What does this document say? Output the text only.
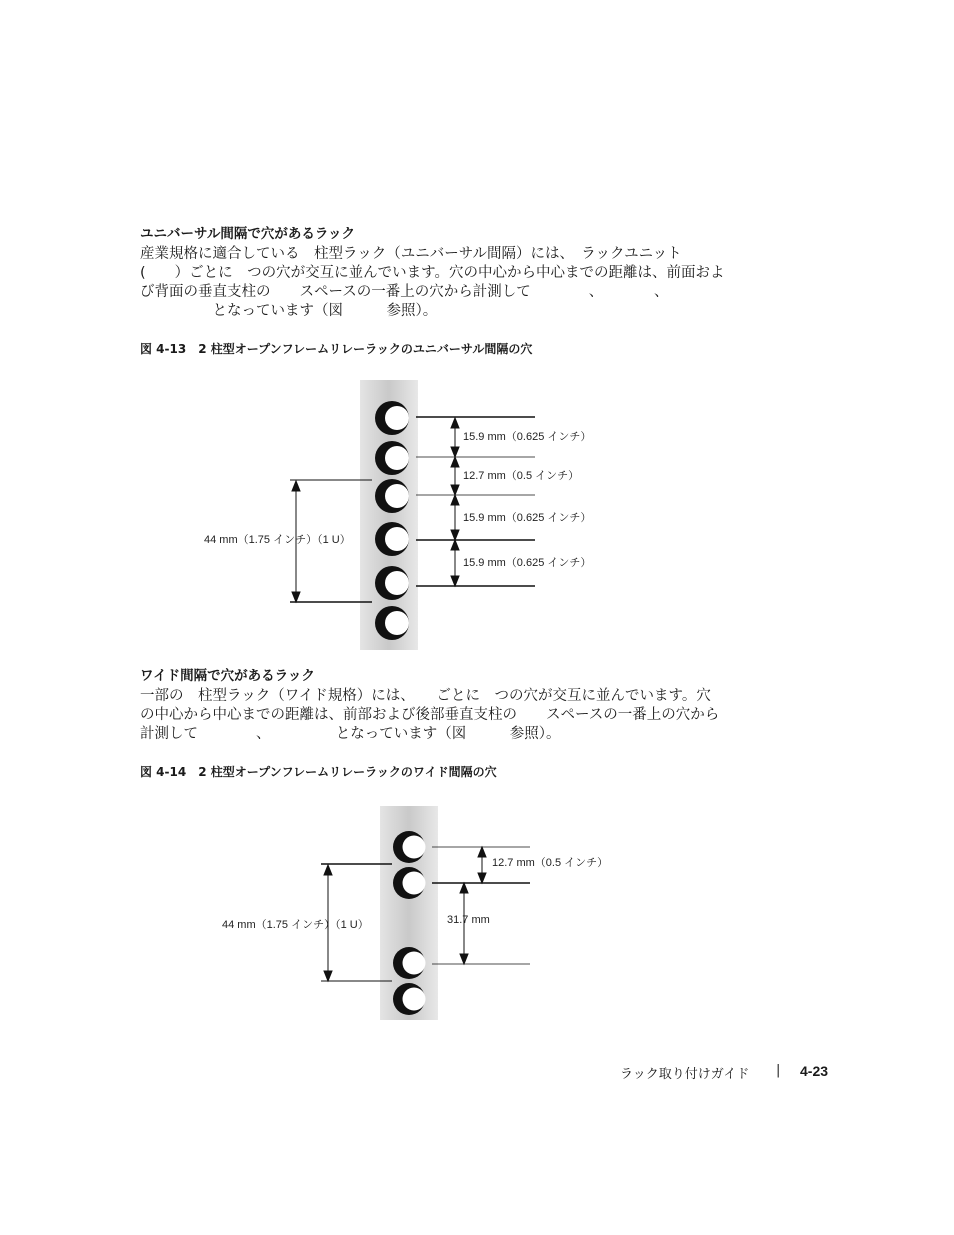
ユニバーサル間隔で穴があるラック
産業規格に適合している　柱型ラック（ユニバーサル間隔）には、　ラックユニット
(　　）ごとに　つの穴が交互に並んでいます。穴の中心から中心までの距離は、前面およ
び背面の垂直支柱の　　スペースの一番上の穴から計測して　　　　、　　　　、
　　　　　となっています（図　　　参照）。
図 4-13　2 柱型オープンフレームリレーラックのユニバーサル間隔の穴
44 mm（1.75 インチ）（1 U）
15.9 mm（0.625 インチ）
12.7 mm（0.5 インチ）
15.9 mm（0.625 インチ）
15.9 mm（0.625 インチ）
ワイド間隔で穴があるラック
一部の　柱型ラック（ワイド規格）には、　　ごとに　つの穴が交互に並んでいます。穴
の中心から中心までの距離は、前部および後部垂直支柱の　　スペースの一番上の穴から
計測して　　　　、　　　　　となっています（図　　　参照）。
図 4-14　2 柱型オープンフレームリレーラックのワイド間隔の穴
44 mm（1.75 インチ）（1 U）
12.7 mm（0.5 インチ）
31.7 mm
ラック取り付けガイド | 4-23
